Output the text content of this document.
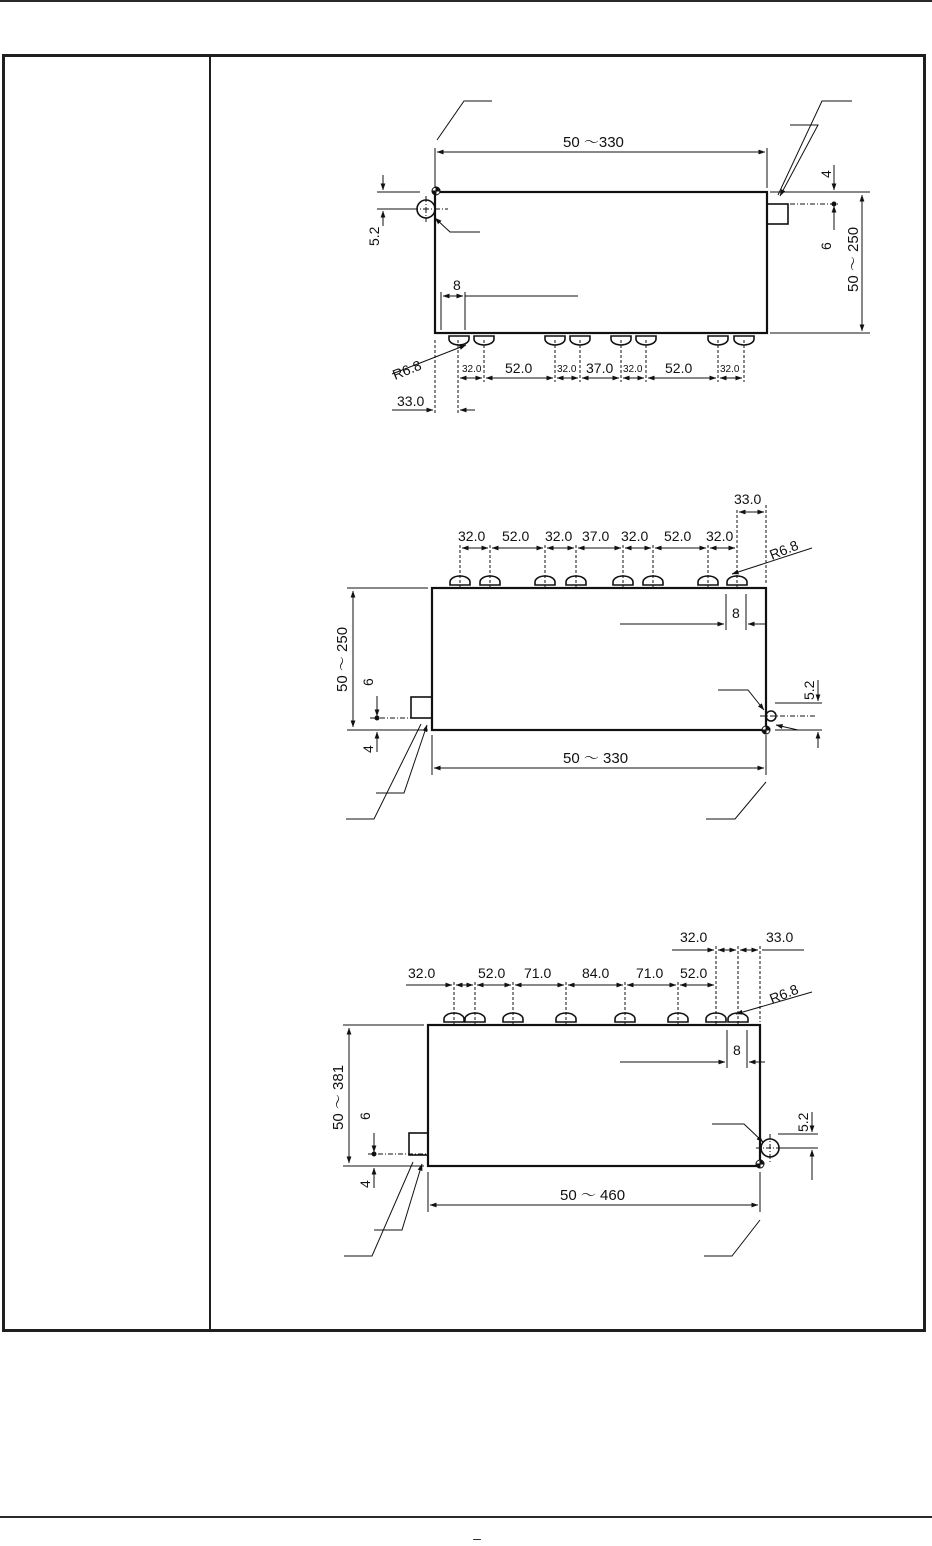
50 ～330
50 ～ 250
4
6
5.2
8
R6.8
33.0
32.0 52.0 32.0 37.0 32.0 52.0	32.0
33.0
32.0 52.0 32.0 37.0 32.0 52.0 32.0
R6.8
8
50 ～ 250 6
4
5.2
50 ～ 330
32.0	33.0
32.0	52.0 71.0 84.0 71.0 52.0
R6.8
8
50 ～ 381 6
4
5.2
50 ～ 460
–
